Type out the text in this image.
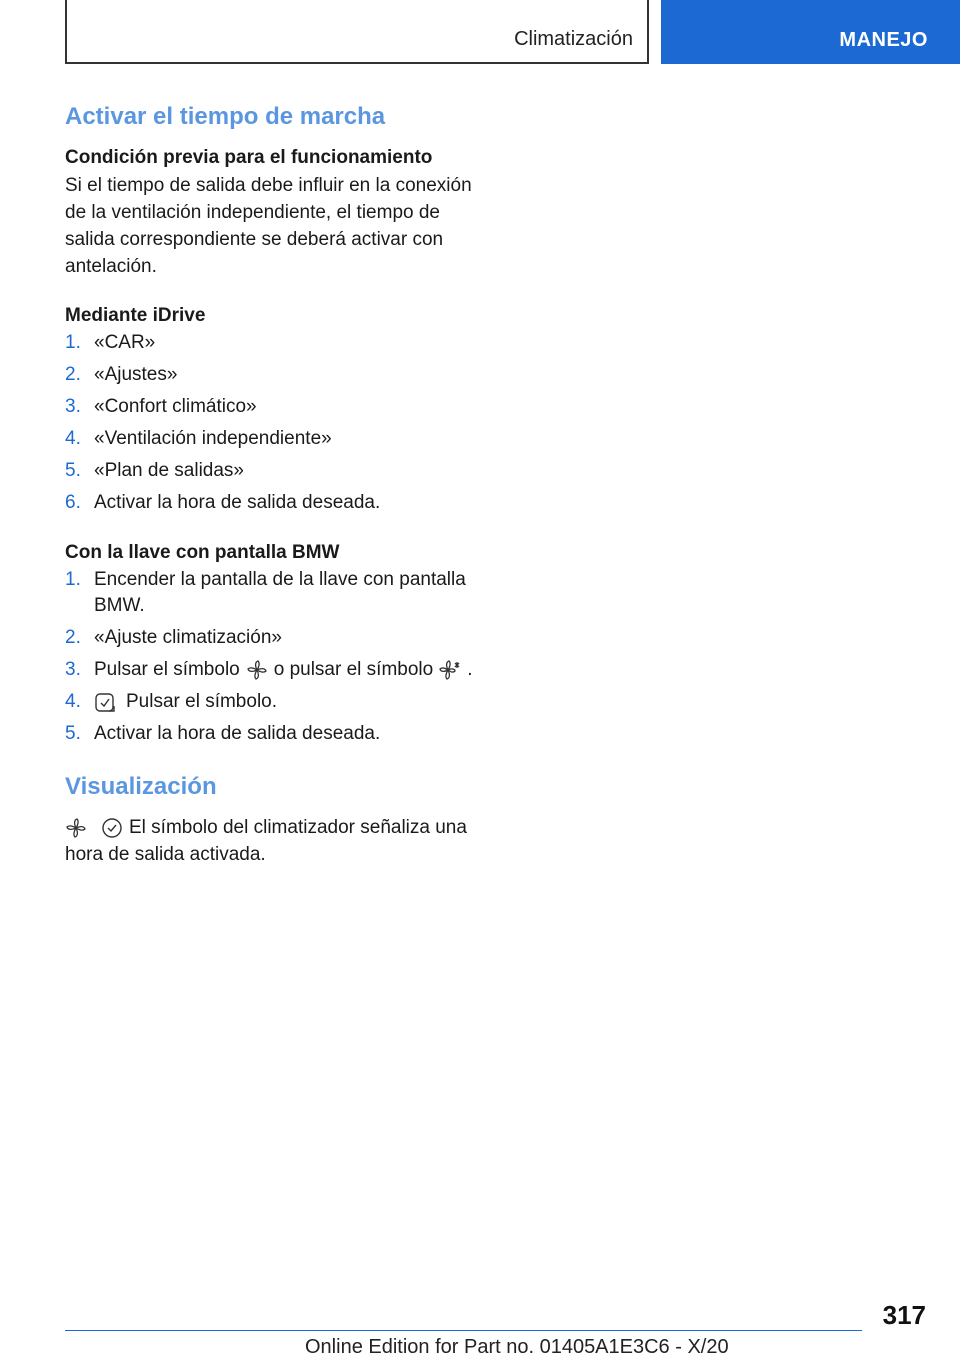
Climatización	MANEJO
Activar el tiempo de marcha
Condición previa para el funcionamiento

Si el tiempo de salida debe influir en la conexión de la ventilación independiente, el tiempo de salida correspondiente se deberá activar con antelación.

Mediante iDrive
1. «CAR»
2. «Ajustes»
3. «Confort climático»
4. «Ventilación independiente»
5. «Plan de salidas»
6. Activar la hora de salida deseada.
Con la llave con pantalla BMW
1. Encender la pantalla de la llave con pantalla BMW.
2. «Ajuste climatización»
3. Pulsar el símbolo o pulsar el símbolo .
4. Pulsar el símbolo.
5. Activar la hora de salida deseada.
Visualización

El símbolo del climatizador señaliza una hora de salida activada.

317
Online Edition for Part no. 01405A1E3C6 - X/20
